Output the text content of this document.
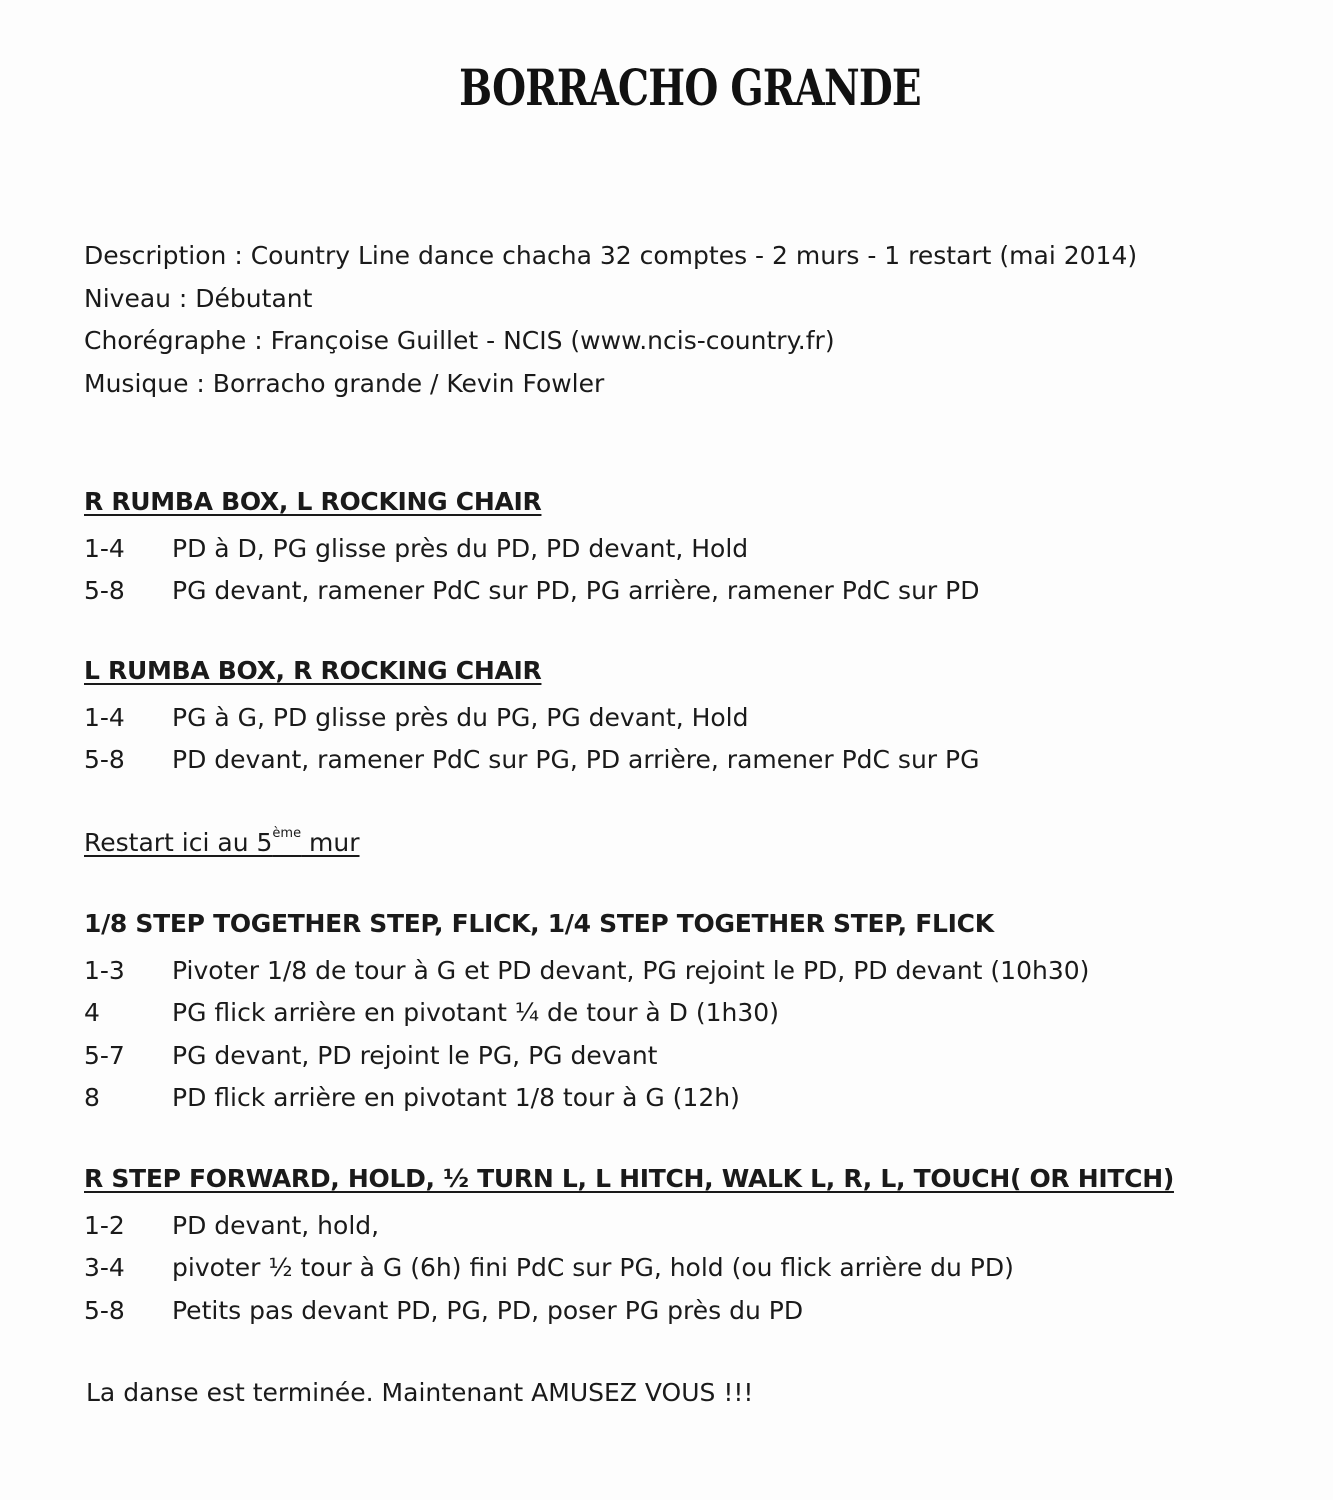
BORRACHO GRANDE
Description : Country Line dance chacha 32 comptes - 2 murs - 1 restart (mai 2014)
Niveau : Débutant
Chorégraphe : Françoise Guillet - NCIS (www.ncis-country.fr)
Musique : Borracho grande / Kevin Fowler
R RUMBA BOX, L ROCKING CHAIR
1-4	PD à D, PG glisse près du PD, PD devant, Hold
5-8	PG devant, ramener PdC sur PD, PG arrière, ramener PdC sur PD
L RUMBA BOX, R ROCKING CHAIR
1-4	PG à G, PD glisse près du PG, PG devant, Hold
5-8	PD devant, ramener PdC sur PG, PD arrière, ramener PdC sur PG
Restart ici au 5ème mur
1/8 STEP TOGETHER STEP, FLICK, 1/4 STEP TOGETHER STEP, FLICK
1-3	Pivoter 1/8 de tour à G et PD devant, PG rejoint le PD, PD devant (10h30)
4	PG flick arrière en pivotant ¼ de tour à D (1h30)
5-7	PG devant, PD rejoint le PG, PG devant
8	PD flick arrière en pivotant 1/8 tour à G (12h)
R STEP FORWARD, HOLD, ½ TURN L, L HITCH, WALK L, R, L, TOUCH( OR HITCH)
1-2	PD devant, hold,
3-4	pivoter ½ tour à G (6h) fini PdC sur PG, hold (ou flick arrière du PD)
5-8	Petits pas devant PD, PG, PD, poser PG près du PD
La danse est terminée. Maintenant AMUSEZ VOUS !!!
